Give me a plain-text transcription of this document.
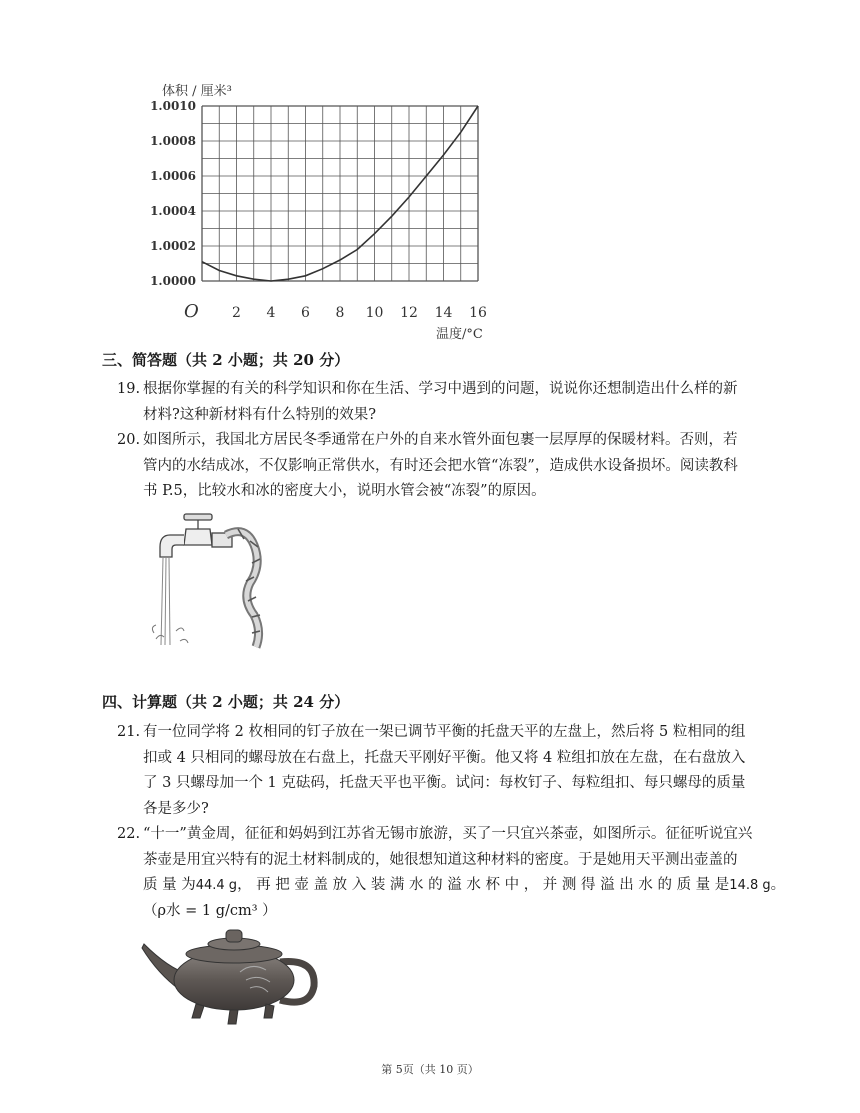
体积 / 厘米³
1.0010
1.0008
1.0006
1.0004
1.0002
1.0000
2 4 6 8 10 12 14 16
O
温度/°C
三、简答题（共 2 小题；共 20 分）
19. 根据你掌握的有关的科学知识和你在生活、学习中遇到的问题，说说你还想制造出什么样的新
材料?这种新材料有什么特别的效果?
20. 如图所示，我国北方居民冬季通常在户外的自来水管外面包裹一层厚厚的保暖材料。否则，若
管内的水结成冰，不仅影响正常供水，有时还会把水管“冻裂”，造成供水设备损坏。阅读教科
书 P.5，比较水和冰的密度大小，说明水管会被“冻裂”的原因。
四、计算题（共 2 小题；共 24 分）
21. 有一位同学将 2 枚相同的钉子放在一架已调节平衡的托盘天平的左盘上，然后将 5 粒相同的组
扣或 4 只相同的螺母放在右盘上，托盘天平刚好平衡。他又将 4 粒组扣放在左盘，在右盘放入
了 3 只螺母加一个 1 克砝码，托盘天平也平衡。试问：每枚钉子、每粒组扣、每只螺母的质量
各是多少?
22. “十一”黄金周，征征和妈妈到江苏省无锡市旅游，买了一只宜兴茶壶，如图所示。征征听说宜兴
茶壶是用宜兴特有的泥土材料制成的，她很想知道这种材料的密度。于是她用天平测出壶盖的
质 量 为 44.4 g ， 再 把 壶 盖 放 入 装 满 水 的 溢 水 杯 中 ， 并 测 得 溢 出 水 的 质 量 是 14.8 g 。
（ρ水 = 1 g/cm³ ）
第 5页（共 10 页）
